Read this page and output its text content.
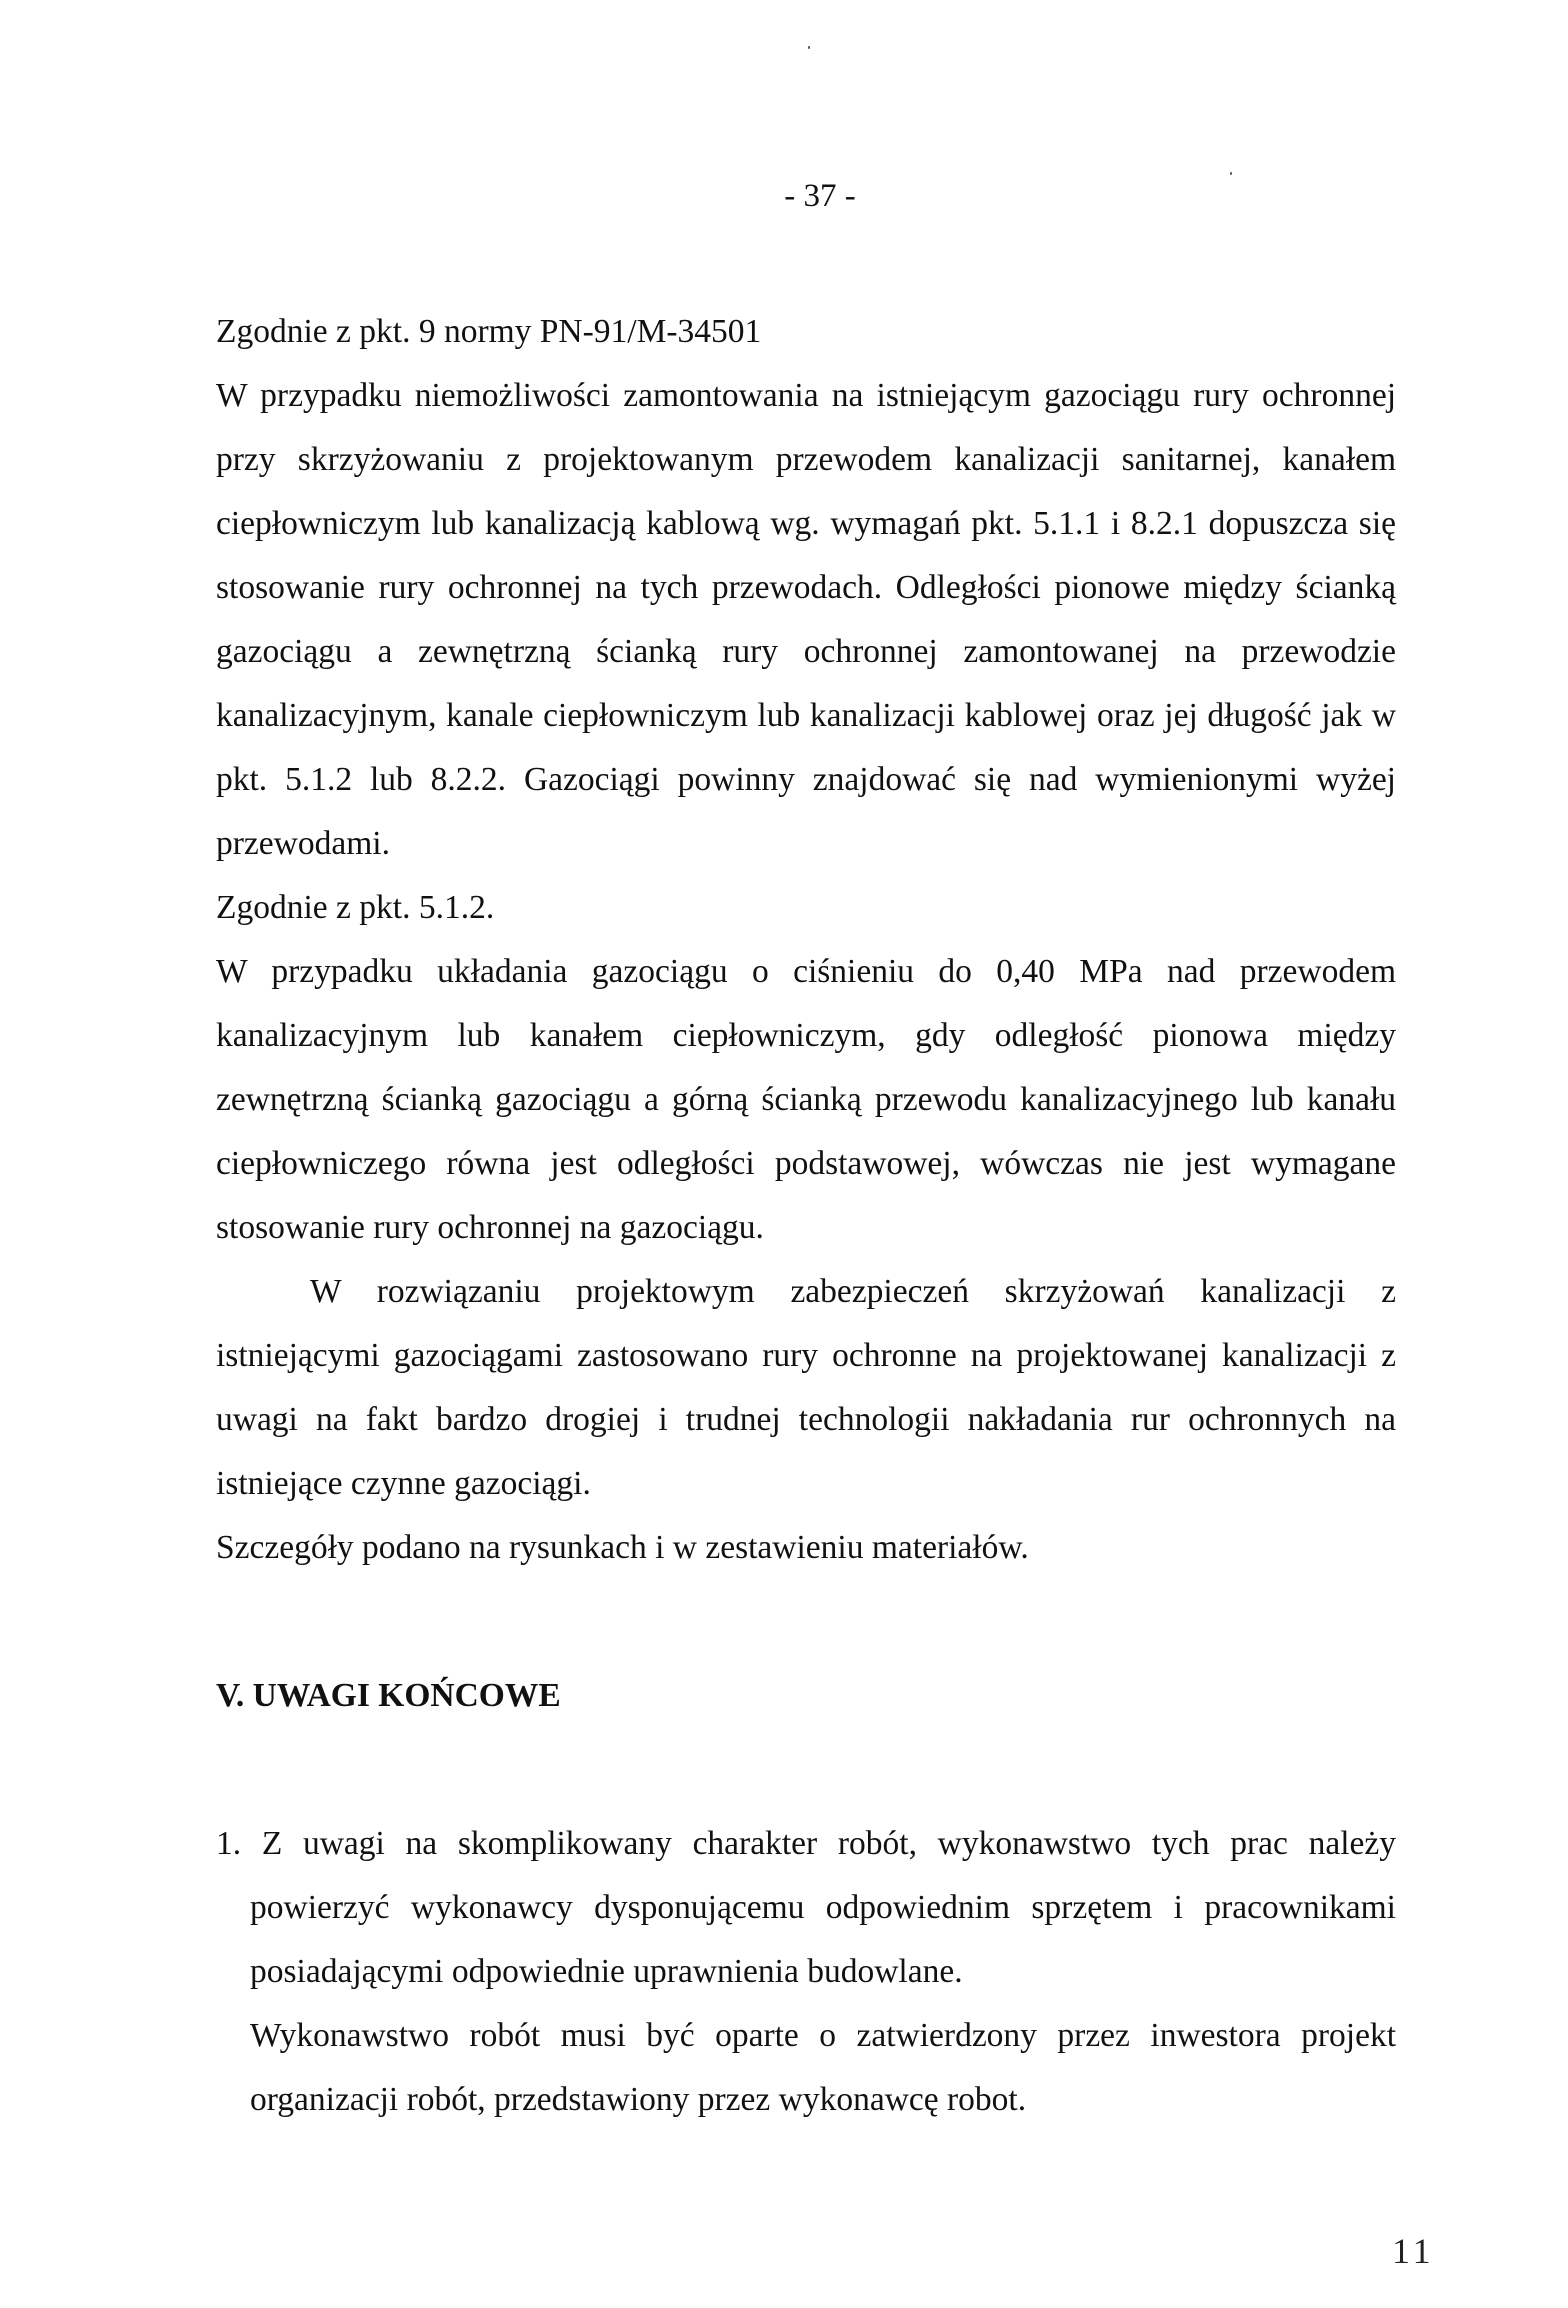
- 37 -

Zgodnie z pkt. 9 normy PN-91/M-34501

W przypadku niemożliwości zamontowania na istniejącym gazociągu rury ochronnej przy skrzyżowaniu z projektowanym przewodem kanalizacji sanitarnej, kanałem ciepłowniczym lub kanalizacją kablową wg. wymagań pkt. 5.1.1 i 8.2.1 dopuszcza się stosowanie rury ochronnej na tych przewodach. Odległości pionowe między ścianką gazociągu a zewnętrzną ścianką rury ochronnej zamontowanej na przewodzie kanalizacyjnym, kanale ciepłowniczym lub kanalizacji kablowej oraz jej długość jak w pkt. 5.1.2 lub 8.2.2. Gazociągi powinny znajdować się nad wymienionymi wyżej przewodami.

Zgodnie z pkt. 5.1.2.

W przypadku układania gazociągu o ciśnieniu do 0,40 MPa nad przewodem kanalizacyjnym lub kanałem ciepłowniczym, gdy odległość pionowa między zewnętrzną ścianką gazociągu a górną ścianką przewodu kanalizacyjnego lub kanału ciepłowniczego równa jest odległości podstawowej, wówczas nie jest wymagane stosowanie rury ochronnej na gazociągu.

W rozwiązaniu projektowym zabezpieczeń skrzyżowań kanalizacji z istniejącymi gazociągami zastosowano rury ochronne na projektowanej kanalizacji z uwagi na fakt bardzo drogiej i trudnej technologii nakładania rur ochronnych na istniejące czynne gazociągi.

Szczegóły podano na rysunkach i w zestawieniu materiałów.

V. UWAGI KOŃCOWE

1. Z uwagi na skomplikowany charakter robót, wykonawstwo tych prac należy powierzyć wykonawcy dysponującemu odpowiednim sprzętem i pracownikami posiadającymi odpowiednie uprawnienia budowlane.

Wykonawstwo robót musi być oparte o zatwierdzony przez inwestora projekt organizacji robót, przedstawiony przez wykonawcę robot.

11
